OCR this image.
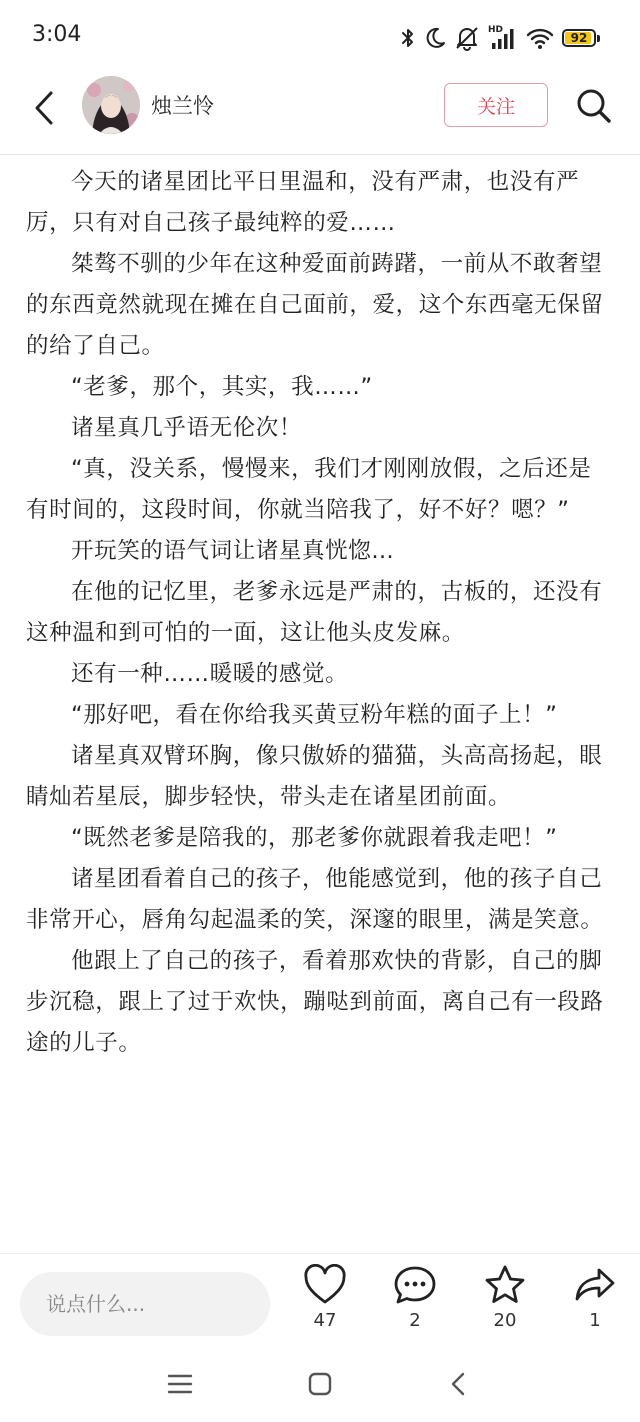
3:04	HD
92
烛兰怜	关注

今天的诸星团比平日里温和，没有严肃，也没有严厉，只有对自己孩子最纯粹的爱……

桀骜不驯的少年在这种爱面前踌躇，一前从不敢奢望的东西竟然就现在摊在自己面前，爱，这个东西毫无保留的给了自己。

“老爹，那个，其实，我……”

诸星真几乎语无伦次！

“真，没关系，慢慢来，我们才刚刚放假，之后还是有时间的，这段时间，你就当陪我了，好不好？嗯？”

开玩笑的语气词让诸星真恍惚…

在他的记忆里，老爹永远是严肃的，古板的，还没有这种温和到可怕的一面，这让他头皮发麻。

还有一种……暖暖的感觉。

“那好吧，看在你给我买黄豆粉年糕的面子上！”

诸星真双臂环胸，像只傲娇的猫猫，头高高扬起，眼睛灿若星辰，脚步轻快，带头走在诸星团前面。

“既然老爹是陪我的，那老爹你就跟着我走吧！”

诸星团看着自己的孩子，他能感觉到，他的孩子自己非常开心，唇角勾起温柔的笑，深邃的眼里，满是笑意。

他跟上了自己的孩子，看着那欢快的背影，自己的脚步沉稳，跟上了过于欢快，蹦哒到前面，离自己有一段路途的儿子。

说点什么...
47	2	20	1
